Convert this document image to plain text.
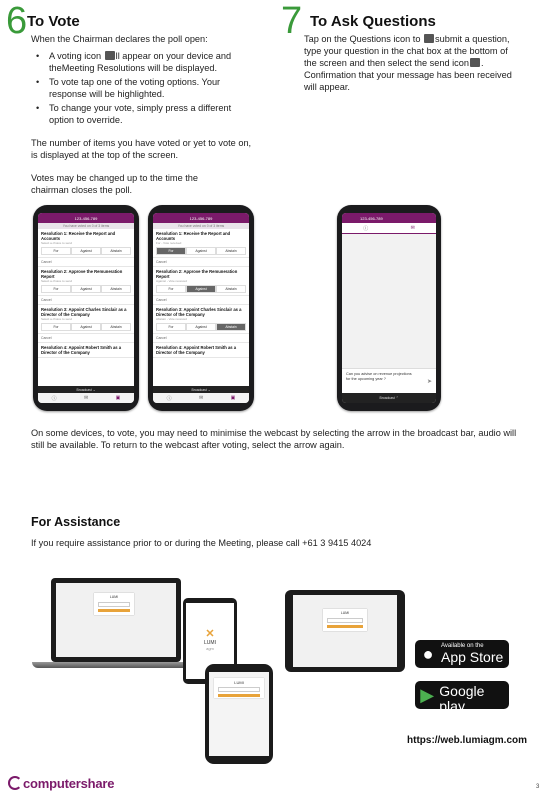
6 To Vote
When the Chairman declares the poll open:
• A voting icon ll appear on your device and theMeeting Resolutions will be displayed.
• To vote tap one of the voting options. Your response will be highlighted.
• To change your vote, simply press a different option to override.
The number of items you have voted or yet to vote on, is displayed at the top of the screen.
Votes may be changed up to the time the chairman closes the poll.
7 To Ask Questions
Tap on the Questions icon to submit a question, type your question in the chat box at the bottom of the screen and then select the send icon .
Confirmation that your message has been received will appear.
123-456-789
You have voted on 0 of 3 items
Resolution 1: Receive the Report and Accounts
Select a choice to send
For	Against	Abstain
Cancel
Resolution 2: Approve the Remuneration Report
Select a choice to send
For	Against	Abstain
Cancel
Resolution 3: Appoint Charles Sinclair as a Director of the Company
Select a choice to send
For	Against	Abstain
Cancel
Resolution 4: Appoint Robert Smith as a Director of the Company
Broadcast
⌄
ⓘ	✉	▣
123-456-789
You have voted on 0 of 3 items
Resolution 1: Receive the Report and Accounts
For - Vote received
For	Against	Abstain
Cancel
Resolution 2: Approve the Remuneration Report
Against - Vote received
For	Against	Abstain
Cancel
Resolution 3: Appoint Charles Sinclair as a Director of the Company
Abstain - Vote received
For	Against	Abstain
Cancel
Resolution 4: Appoint Robert Smith as a Director of the Company
Broadcast
⌄
ⓘ	✉	▣
123-456-789
ⓘ	✉
Can you advise on revenue projections for the upcoming year ?
➤
Broadcast
⌃
On some devices, to vote, you may need to minimise the webcast by selecting the arrow in the broadcast bar, audio will still be available. To return to the webcast after voting, select the arrow again.
For Assistance
If you require assistance prior to or during the Meeting, please call +61 3 9415 4024
LUMI
✕
LUMI
agm
LUMI
LUMI
●	Available on the
App Store
▶
Get it on
Google play
https://web.lumiagm.com
computershare	3
